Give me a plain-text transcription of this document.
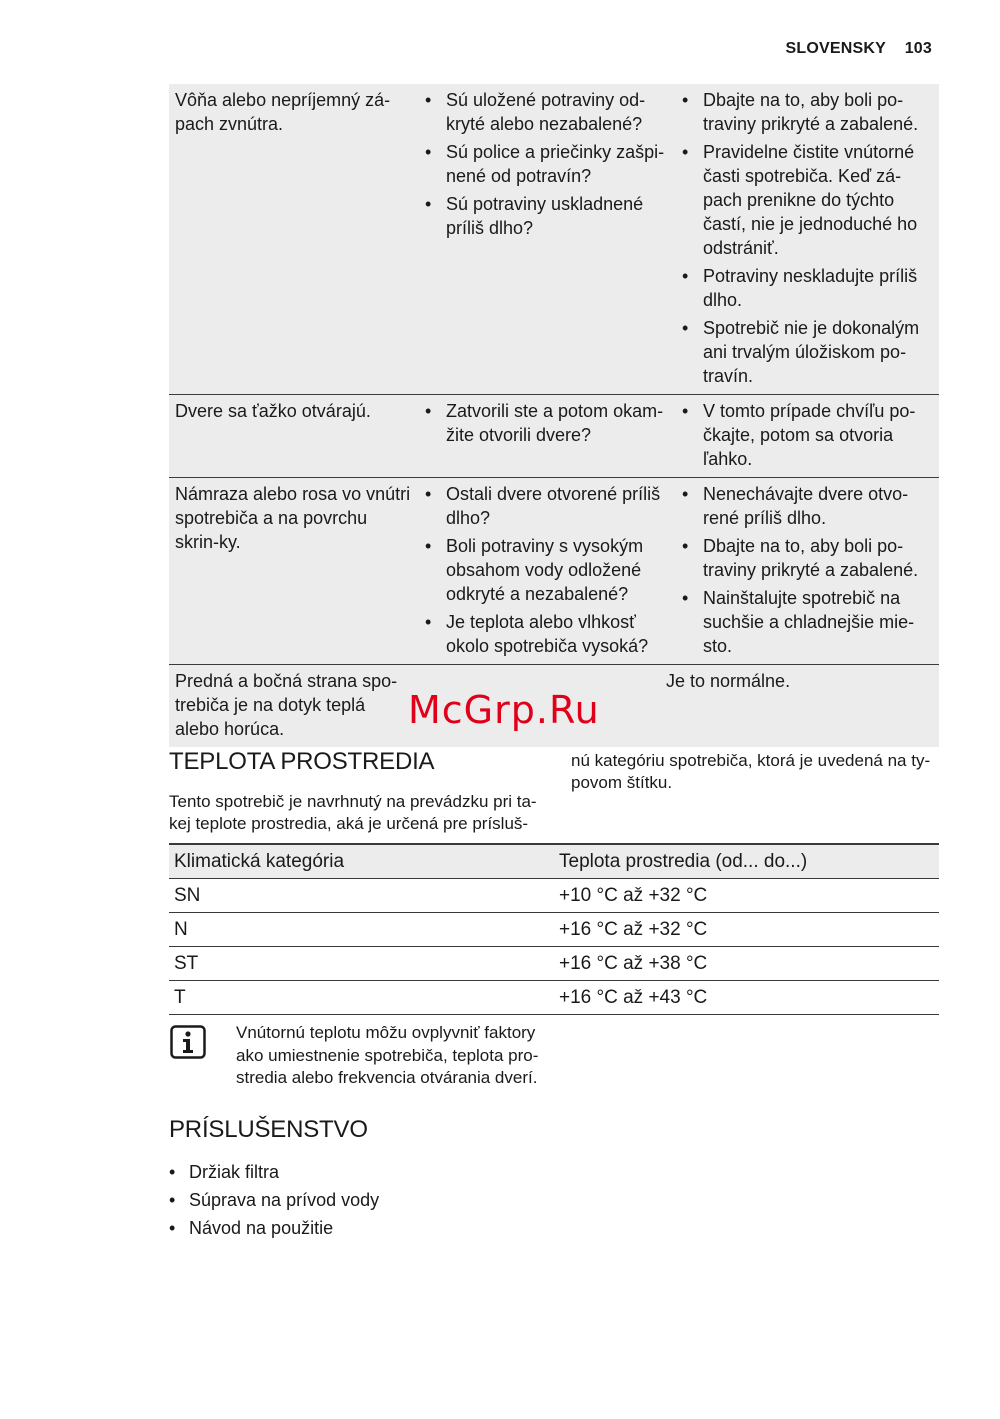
SLOVENSKY 103
Vôňa alebo nepríjemný zá-pach zvnútra.
• Sú uložené potraviny od-kryté alebo nezabalené?
• Sú police a priečinky zašpi-nené od potravín?
• Sú potraviny uskladnené príliš dlho?
• Dbajte na to, aby boli po-traviny prikryté a zabalené.
• Pravidelne čistite vnútorné časti spotrebiča. Keď zá-pach prenikne do týchto častí, nie je jednoduché ho odstrániť.
• Potraviny neskladujte príliš dlho.
• Spotrebič nie je dokonalým ani trvalým úložiskom po-travín.
Dvere sa ťažko otvárajú.
•	Zatvorili ste a potom okam-žite otvorili dvere?
• V tomto prípade chvíľu po-čkajte, potom sa otvoria ľahko.
Námraza alebo rosa vo vnútri spotrebiča a na povrchu skrin-ky.
• Ostali dvere otvorené príliš dlho?
• Boli potraviny s vysokým obsahom vody odložené odkryté a nezabalené?
• Je teplota alebo vlhkosť okolo spotrebiča vysoká?
• Nenechávajte dvere otvo-rené príliš dlho.
• Dbajte na to, aby boli po-traviny prikryté a zabalené.
• Nainštalujte spotrebič na suchšie a chladnejšie mie-sto.
Predná a bočná strana spo-trebiča je na dotyk teplá alebo horúca.
Je to normálne.
TEPLOTA PROSTREDIA
Tento spotrebič je navrhnutý na prevádzku pri ta-kej teplote prostredia, aká je určená pre prísluš-
nú kategóriu spotrebiča, ktorá je uvedená na ty-povom štítku.
Klimatická kategória	Teplota prostredia (od... do...)
SN	+10 °C až +32 °C
N	+16 °C až +32 °C
ST	+16 °C až +38 °C
T	+16 °C až +43 °C
Vnútornú teplotu môžu ovplyvniť faktory ako umiestnenie spotrebiča, teplota pro-stredia alebo frekvencia otvárania dverí.
PRÍSLUŠENSTVO
• Držiak filtra
• Súprava na prívod vody
• Návod na použitie
McGrp.Ru
